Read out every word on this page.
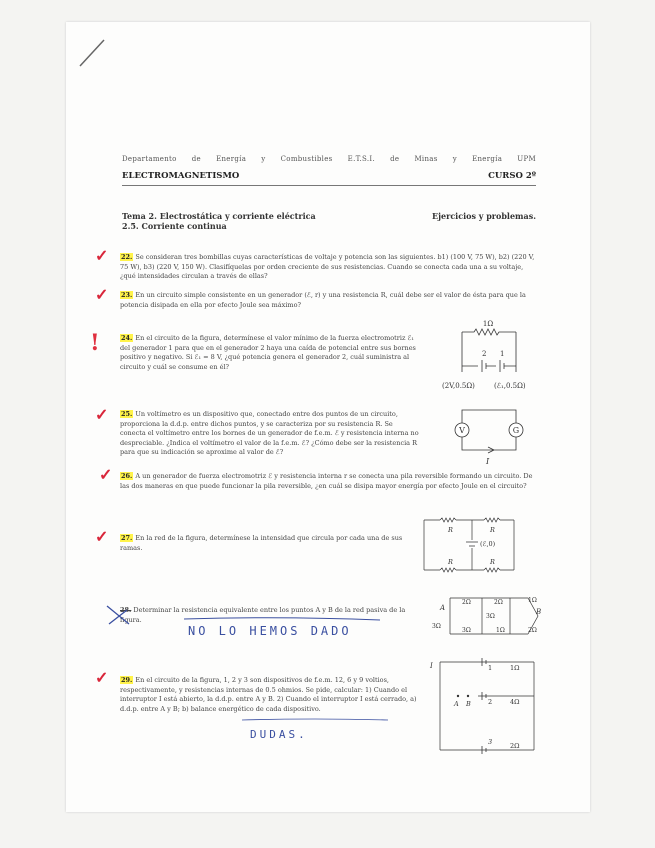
Departamento de Energía y Combustibles E.T.S.I. de Minas y Energía UPM
ELECTROMAGNETISMO	CURSO 2º
Tema 2. Electrostática y corriente eléctrica	Ejercicios y problemas.
2.5. Corriente continua
22. Se consideran tres bombillas cuyas características de voltaje y potencia son las siguientes. b1) (100 V, 75 W), b2) (220 V, 75 W), b3) (220 V, 150 W). Clasifíquelas por orden creciente de sus resistencias. Cuando se conecta cada una a su voltaje, ¿qué intensidades circulan a través de ellas?
23. En un circuito simple consistente en un generador (ℰ, r) y una resistencia R, cuál debe ser el valor de ésta para que la potencia disipada en ella por efecto Joule sea máximo?
24. En el circuito de la figura, determínese el valor mínimo de la fuerza electromotriz ℰ₁ del generador 1 para que en el generador 2 haya una caída de potencial entre sus bornes positivo y negativo. Si ℰ₁ = 8 V, ¿qué potencia genera el generador 2, cuál suministra al circuito y cuál se consume en él?
25. Un voltímetro es un dispositivo que, conectado entre dos puntos de un circuito, proporciona la d.d.p. entre dichos puntos, y se caracteriza por su resistencia R. Se conecta el voltímetro entre los bornes de un generador de f.e.m. ℰ y resistencia interna no despreciable. ¿Indica el voltímetro el valor de la f.e.m. ℰ? ¿Cómo debe ser la resistencia R para que su indicación se aproxime al valor de ℰ?
26. A un generador de fuerza electromotriz ℰ y resistencia interna r se conecta una pila reversible formando un circuito. De las dos maneras en que puede funcionar la pila reversible, ¿en cuál se disipa mayor energía por efecto Joule en el circuito?
27. En la red de la figura, determínese la intensidad que circula por cada una de sus ramas.
28. Determinar la resistencia equivalente entre los puntos A y B de la red pasiva de la figura.
29. En el circuito de la figura, 1, 2 y 3 son dispositivos de f.e.m. 12, 6 y 9 voltios, respectivamente, y resistencias internas de 0.5 ohmios. Se pide, calcular: 1) Cuando el interruptor I está abierto, la d.d.p. entre A y B. 2) Cuando el interruptor I está cerrado, a) d.d.p. entre A y B; b) balance energético de cada dispositivo.
NO LO HEMOS DADO
DUDAS.
✓
✓
!
✓
✓
✓
✓
1Ω
2 1
(2V,0.5Ω)	(ℰ₁,0.5Ω)
V	G
I
R	R
R	R
(ℰ,0)
2Ω	2Ω	1Ω
3Ω
3Ω
3Ω	1Ω	2Ω
A	B
I	1	1Ω
A B	2	4Ω
3	2Ω
